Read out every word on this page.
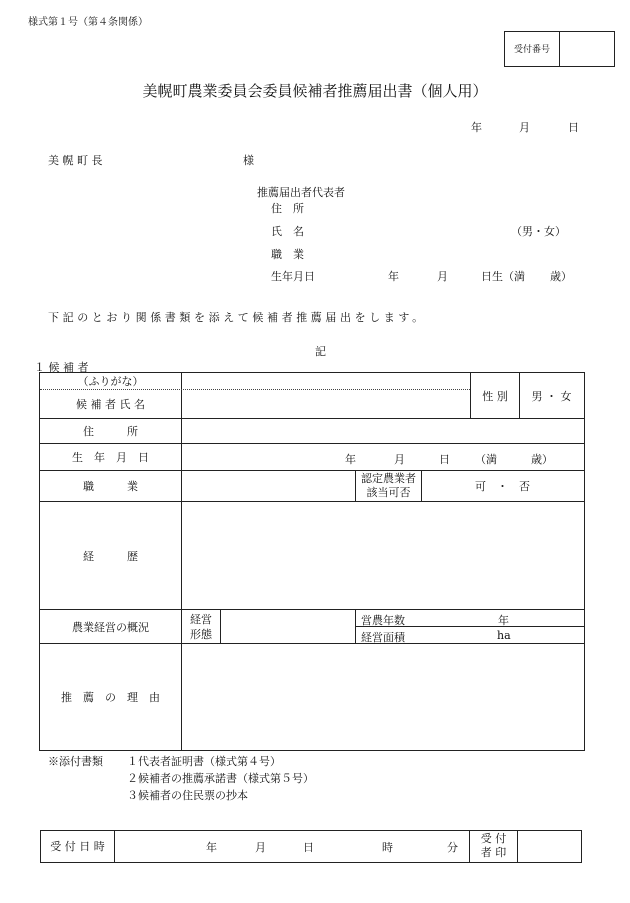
様式第１号（第４条関係）
受付番号
美幌町農業委員会委員候補者推薦届出書（個人用）
年	月	日
美 幌 町 長	様
推薦届出者代表者
住　所
氏　名	（男・女）
職　業
生年月日	年	月	日生（満 歳）
下記のとおり関係書類を添えて候補者推薦届出をします。
記
１ 候 補 者
（ふりがな）
候 補 者 氏 名
性 別	男 ・ 女
住　　　所
生　年　月　日	年	月	日 （満	歳）
職　　　業
認定農業者
該当可否	可　・　否
経　　　歴
農業経営の概況
経営
形態
営農年数	年
経営面積	ha
推　薦　の　理　由
※添付書類 １代表者証明書（様式第４号）
２候補者の推薦承諾書（様式第５号）
３候補者の住民票の抄本
受 付 日 時	年	月	日	時	分
受 付
者 印
